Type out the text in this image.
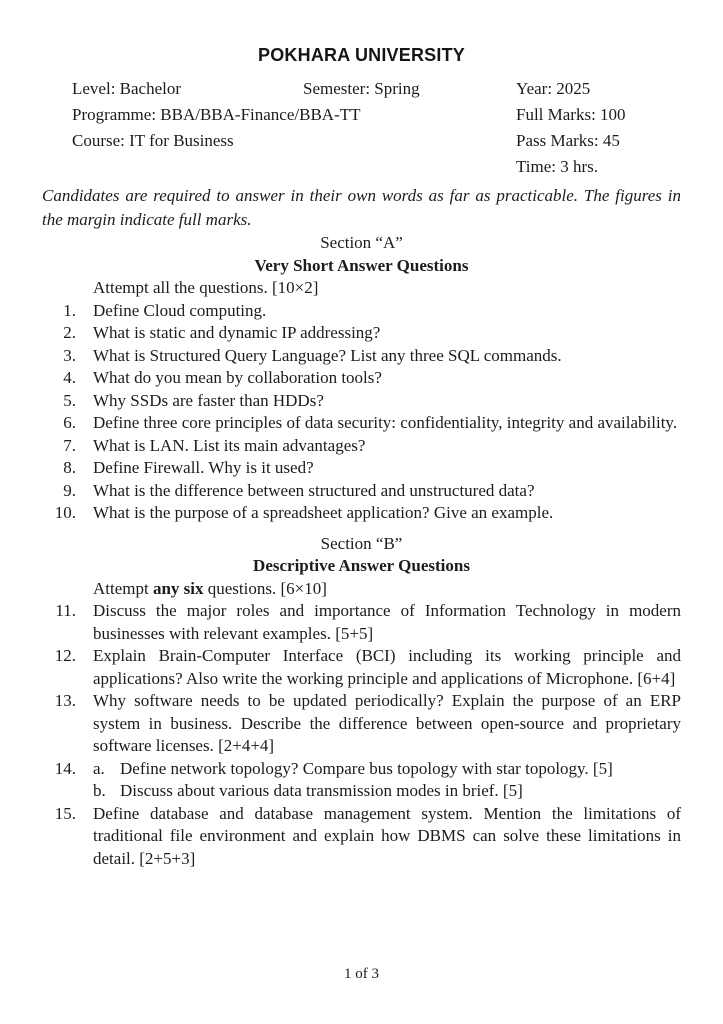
POKHARA UNIVERSITY
Level: Bachelor	Semester: Spring	Year: 2025
Programme: BBA/BBA-Finance/BBA-TT	Full Marks: 100
Course: IT for Business	Pass Marks: 45
Time: 3 hrs.
Candidates are required to answer in their own words as far as practicable. The figures in the margin indicate full marks.
Section “A”
Very Short Answer Questions
Attempt all the questions. [10×2]
1. Define Cloud computing.
2. What is static and dynamic IP addressing?
3. What is Structured Query Language? List any three SQL commands.
4. What do you mean by collaboration tools?
5. Why SSDs are faster than HDDs?
6. Define three core principles of data security: confidentiality, integrity and availability.
7. What is LAN. List its main advantages?
8. Define Firewall. Why is it used?
9. What is the difference between structured and unstructured data?
10. What is the purpose of a spreadsheet application? Give an example.
Section “B”
Descriptive Answer Questions
Attempt any six questions. [6×10]
11. Discuss the major roles and importance of Information Technology in modern businesses with relevant examples. [5+5]
12. Explain Brain-Computer Interface (BCI) including its working principle and applications? Also write the working principle and applications of Microphone. [6+4]
13. Why software needs to be updated periodically? Explain the purpose of an ERP system in business. Describe the difference between open-source and proprietary software licenses. [2+4+4]
14. a. Define network topology? Compare bus topology with star topology. [5]
b. Discuss about various data transmission modes in brief. [5]
15. Define database and database management system. Mention the limitations of traditional file environment and explain how DBMS can solve these limitations in detail. [2+5+3]
1 of 3
